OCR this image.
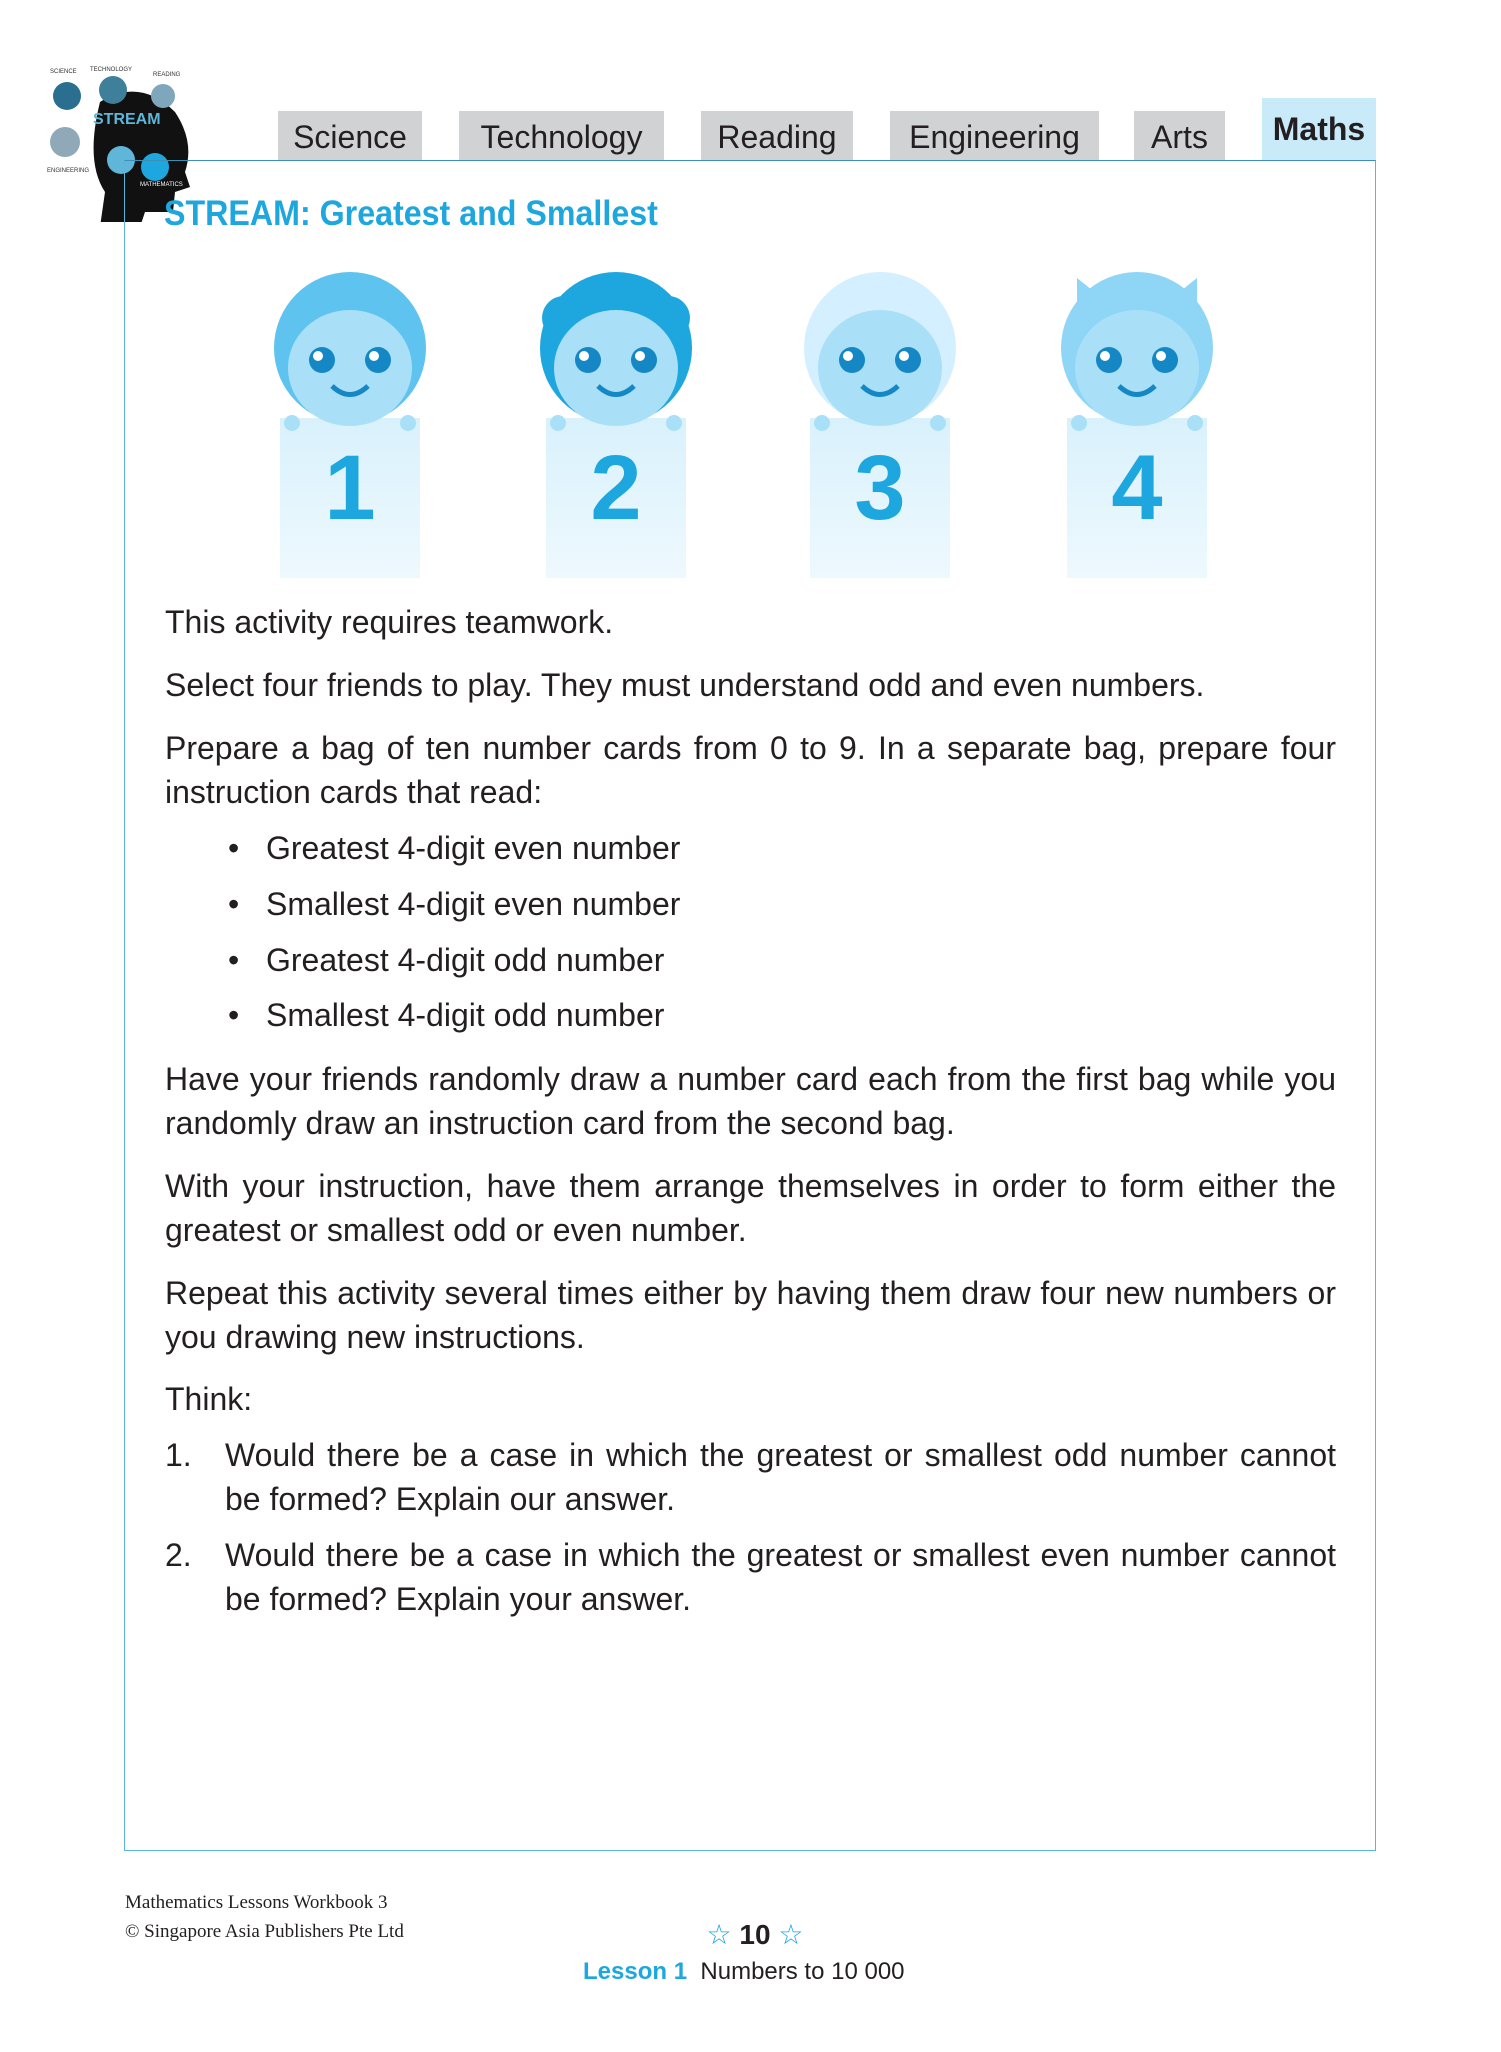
STREAM
SCIENCE TECHNOLOGY
READING
ENGINEERING
MATHEMATICS
Science	Technology	Reading	Engineering	Arts	Maths
STREAM: Greatest and Smallest
1	2	3	4
This activity requires teamwork.
Select four friends to play. They must understand odd and even numbers.
Prepare a bag of ten number cards from 0 to 9. In a separate bag, prepare four instruction cards that read:
• Greatest 4-digit even number
• Smallest 4-digit even number
• Greatest 4-digit odd number
• Smallest 4-digit odd number
Have your friends randomly draw a number card each from the first bag while you randomly draw an instruction card from the second bag.
With your instruction, have them arrange themselves in order to form either the greatest or smallest odd or even number.
Repeat this activity several times either by having them draw four new numbers or you drawing new instructions.
Think:
1. Would there be a case in which the greatest or smallest odd number cannot be formed? Explain our answer.
2. Would there be a case in which the greatest or smallest even number cannot be formed? Explain your answer.
Mathematics Lessons Workbook 3
© Singapore Asia Publishers Pte Ltd	☆ 10 ☆
Lesson 1 Numbers to 10 000
